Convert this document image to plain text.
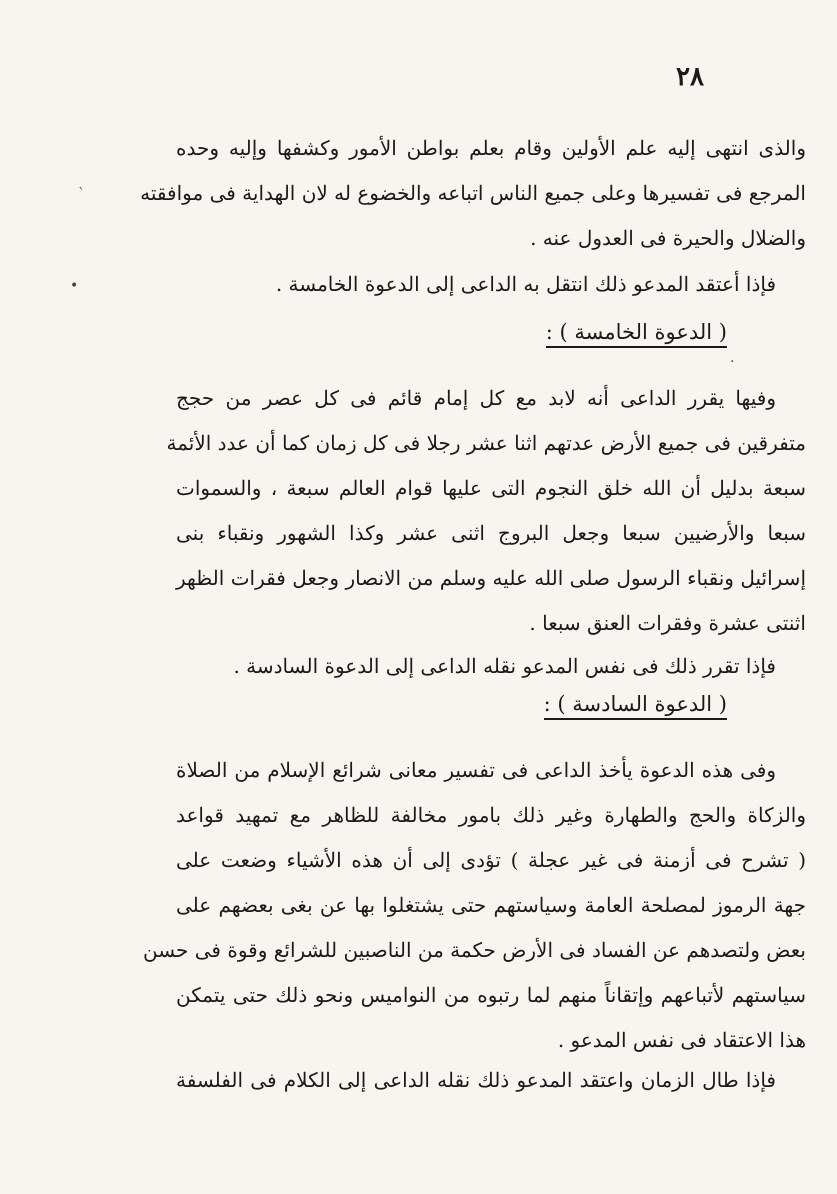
٢٨
`
•
.
والذى انتهى إليه علم الأولين وقام بعلم بواطن الأمور وكشفها وإليه وحده
المرجع فى تفسيرها وعلى جميع الناس اتباعه والخضوع له لان الهداية فى موافقته
والضلال والحيرة فى العدول عنه .
فإذا أعتقد المدعو ذلك انتقل به الداعى إلى الدعوة الخامسة .
( الدعوة الخامسة ) :
وفيها يقرر الداعى أنه لابد مع كل إمام قائم فى كل عصر من حجج
متفرقين فى جميع الأرض عدتهم اثنا عشر رجلا فى كل زمان كما أن عدد الأئمة
سبعة بدليل أن الله خلق النجوم التى عليها قوام العالم سبعة ، والسموات
سبعا والأرضيين سبعا وجعل البروج اثنى عشر وكذا الشهور ونقباء بنى
إسرائيل ونقباء الرسول صلى الله عليه وسلم من الانصار وجعل فقرات الظهر
اثنتى عشرة وفقرات العنق سبعا .
فإذا تقرر ذلك فى نفس المدعو نقله الداعى إلى الدعوة السادسة .
( الدعوة السادسة ) :
وفى هذه الدعوة يأخذ الداعى فى تفسير معانى شرائع الإسلام من الصلاة
والزكاة والحج والطهارة وغير ذلك بامور مخالفة للظاهر مع تمهيد قواعد
( تشرح فى أزمنة فى غير عجلة ) تؤدى إلى أن هذه الأشياء وضعت على
جهة الرموز لمصلحة العامة وسياستهم حتى يشتغلوا بها عن بغى بعضهم على
بعض ولتصدهم عن الفساد فى الأرض حكمة من الناصبين للشرائع وقوة فى حسن
سياستهم لأتباعهم وإتقاناً منهم لما رتبوه من النواميس ونحو ذلك حتى يتمكن
هذا الاعتقاد فى نفس المدعو .
فإذا طال الزمان واعتقد المدعو ذلك نقله الداعى إلى الكلام فى الفلسفة
